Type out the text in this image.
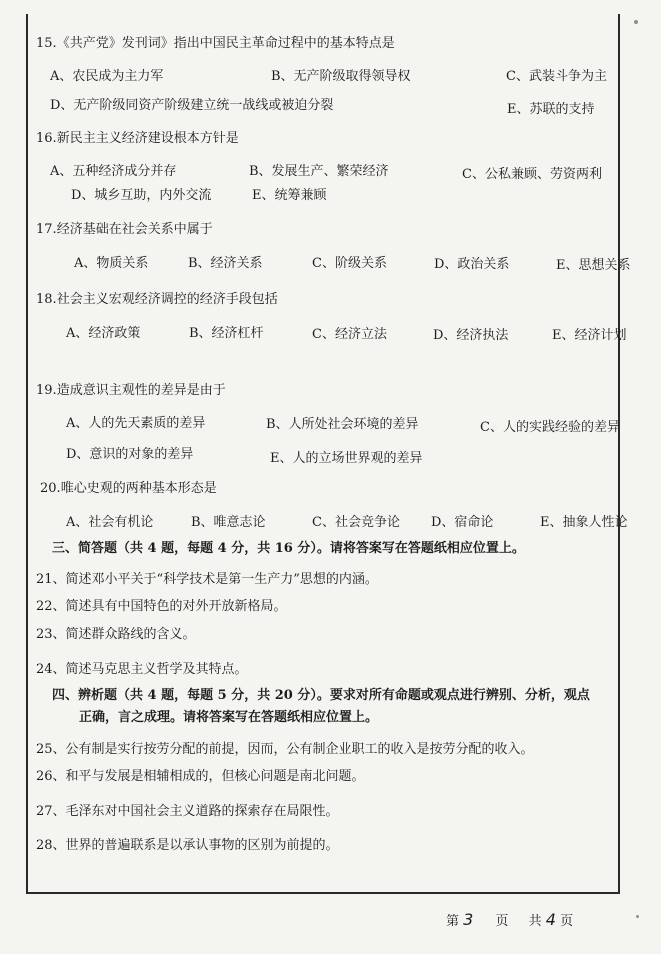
15.《共产党》发刊词》指出中国民主革命过程中的基本特点是
A、农民成为主力军	B、无产阶级取得领导权	C、武装斗争为主
D、无产阶级同资产阶级建立统一战线或被迫分裂	E、苏联的支持
16.新民主主义经济建设根本方针是
A、五种经济成分并存	B、发展生产、繁荣经济	C、公私兼顾、劳资两利
D、城乡互助，内外交流	E、统筹兼顾
17.经济基础在社会关系中属于
A、物质关系	B、经济关系	C、阶级关系	D、政治关系	E、思想关系
18.社会主义宏观经济调控的经济手段包括
A、经济政策	B、经济杠杆	C、经济立法	D、经济执法	E、经济计划
19.造成意识主观性的差异是由于
A、人的先天素质的差异	B、人所处社会环境的差异	C、人的实践经验的差异
D、意识的对象的差异	E、人的立场世界观的差异
20.唯心史观的两种基本形态是
A、社会有机论	B、唯意志论	C、社会竞争论 D、宿命论	E、抽象人性论
三、简答题（共 4 题，每题 4 分，共 16 分）。请将答案写在答题纸相应位置上。
21、简述邓小平关于“科学技术是第一生产力”思想的内涵。
22、简述具有中国特色的对外开放新格局。
23、简述群众路线的含义。
24、简述马克思主义哲学及其特点。
四、辨析题（共 4 题，每题 5 分，共 20 分）。要求对所有命题或观点进行辨别、分析，观点
正确，言之成理。请将答案写在答题纸相应位置上。
25、公有制是实行按劳分配的前提，因而，公有制企业职工的收入是按劳分配的收入。
26、和平与发展是相辅相成的，但核心问题是南北问题。
27、毛泽东对中国社会主义道路的探索存在局限性。
28、世界的普遍联系是以承认事物的区别为前提的。
第 3 页 共 4 页
